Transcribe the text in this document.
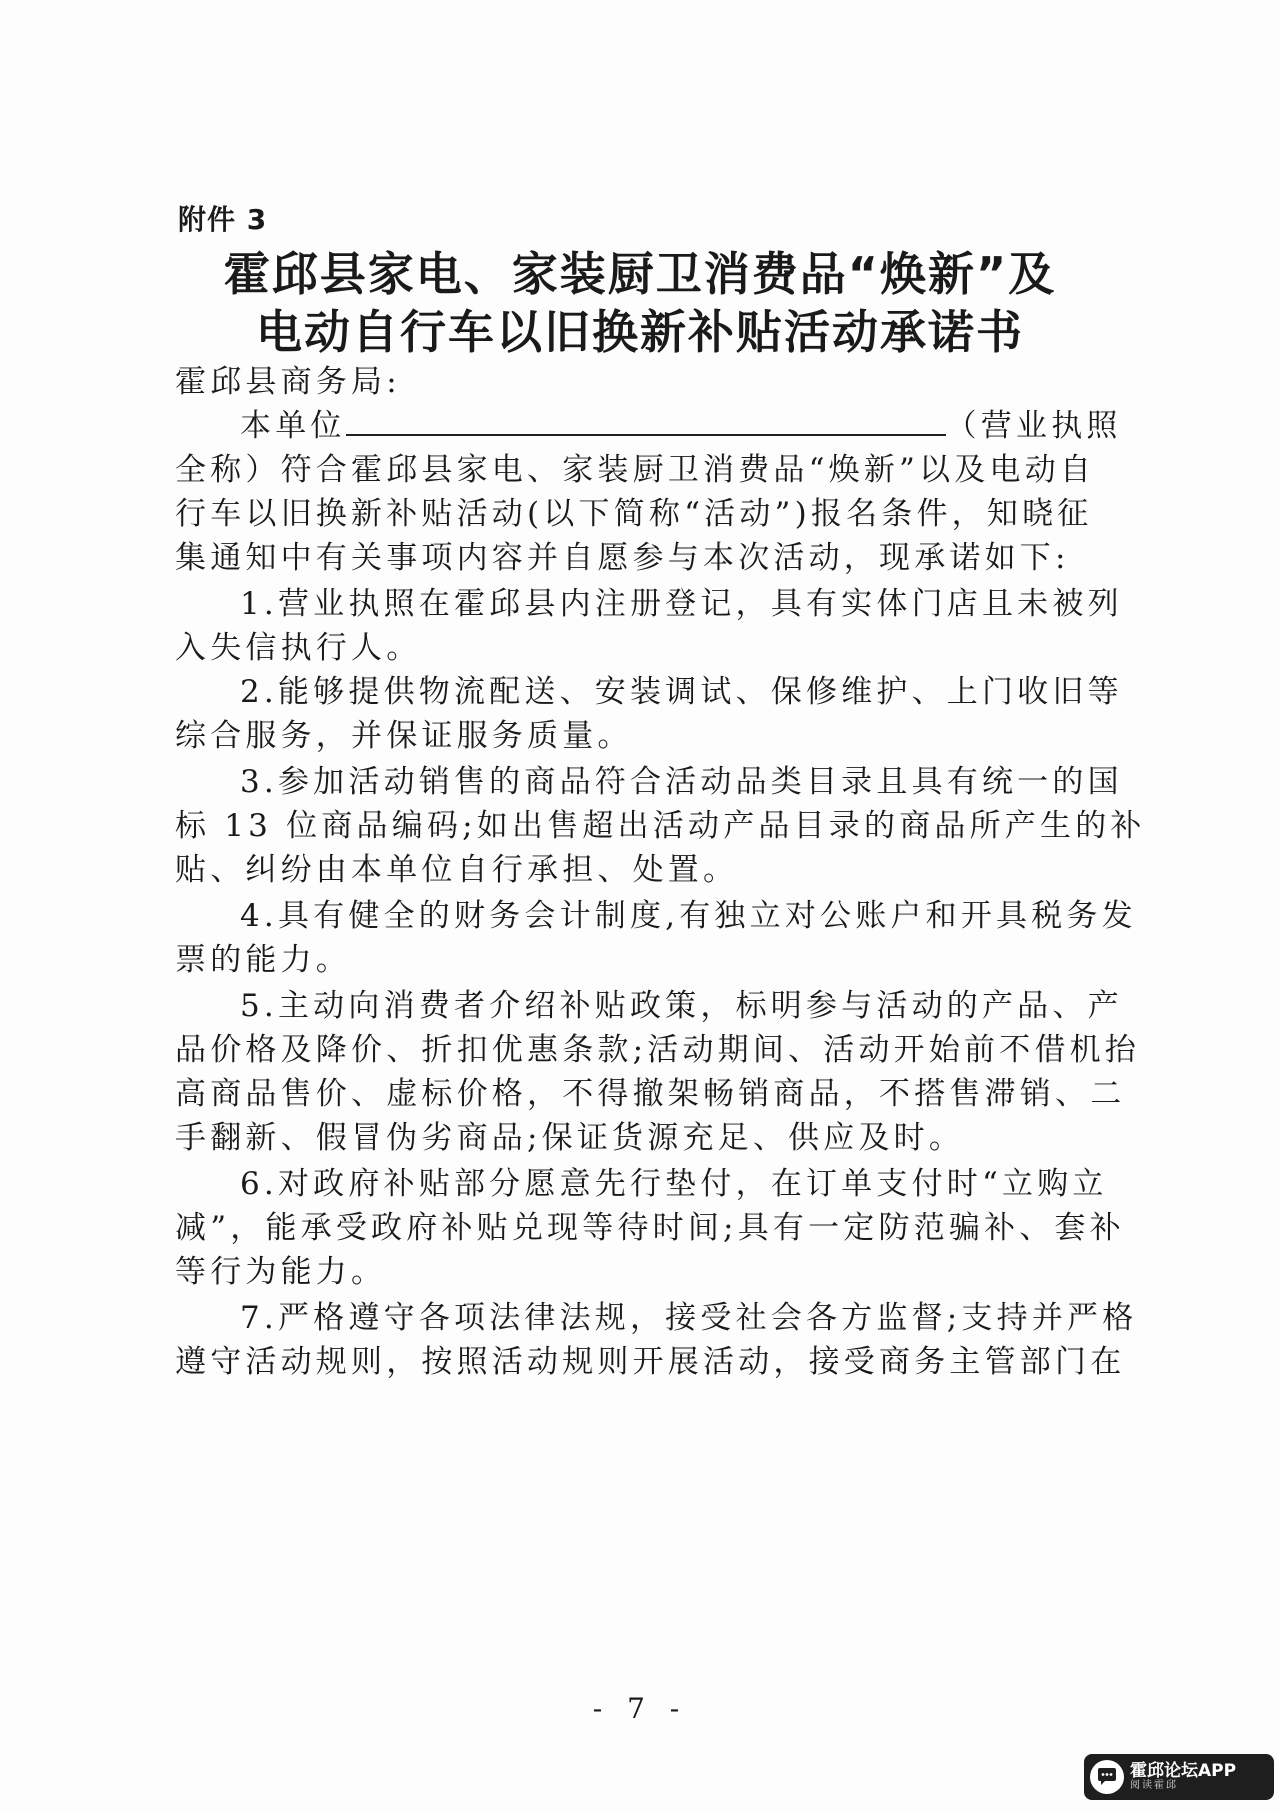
附件 3
霍邱县家电、家装厨卫消费品“焕新”及
电动自行车以旧换新补贴活动承诺书
霍邱县商务局:
本单位	（营业执照
全称）符合霍邱县家电、家装厨卫消费品“焕新”以及电动自
行车以旧换新补贴活动(以下简称“活动”)报名条件，知晓征
集通知中有关事项内容并自愿参与本次活动，现承诺如下:
1.营业执照在霍邱县内注册登记，具有实体门店且未被列
入失信执行人。
2.能够提供物流配送、安装调试、保修维护、上门收旧等
综合服务，并保证服务质量。
3.参加活动销售的商品符合活动品类目录且具有统一的国
标 13 位商品编码;如出售超出活动产品目录的商品所产生的补
贴、纠纷由本单位自行承担、处置。
4.具有健全的财务会计制度,有独立对公账户和开具税务发
票的能力。
5.主动向消费者介绍补贴政策，标明参与活动的产品、产
品价格及降价、折扣优惠条款;活动期间、活动开始前不借机抬
高商品售价、虚标价格，不得撤架畅销商品，不搭售滞销、二
手翻新、假冒伪劣商品;保证货源充足、供应及时。
6.对政府补贴部分愿意先行垫付，在订单支付时“立购立
减”，能承受政府补贴兑现等待时间;具有一定防范骗补、套补
等行为能力。
7.严格遵守各项法律法规，接受社会各方监督;支持并严格
遵守活动规则，按照活动规则开展活动，接受商务主管部门在
- 7 -
霍邱论坛APP
阅读霍邱
